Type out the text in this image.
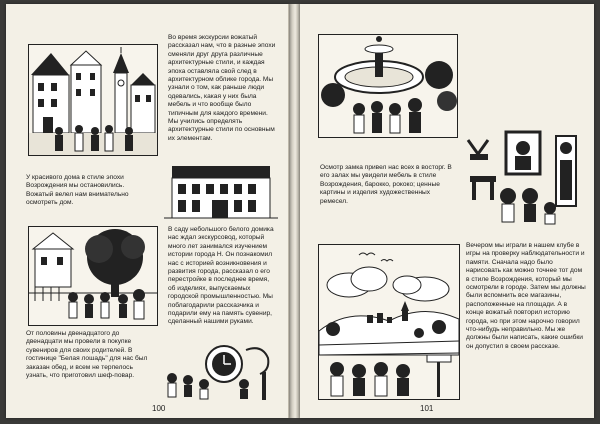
Во время экскурсии вожатый рассказал нам, что в разные эпохи сменяли друг друга различные архитектурные стили, и каждая эпоха оставляла свой след в архитектурном облике города. Мы узнали о том, как раньше люди одевались, какая у них была мебель и что вообще было типичным для каждого времени. Мы учились определять архитектурные стили по основным их элементам.

У красивого дома в стиле эпохи Возрождения мы остановились. Вожатый велел нам внимательно осмотреть дом.

В саду небольшого белого домика нас ждал экскурсовод, который много лет занимался изучением истории города Н. Он познакомил нас с историей возникновения и развития города, рассказал о его перестройке в последнее время, об изделиях, выпускаемых городской промышленностью. Мы поблагодарили рассказчика и подарили ему на память сувенир, сделанный нашими руками.

От половины двенадцатого до двенадцати мы провели в покупке сувениров для своих родителей. В гостинице "Белая лошадь" для нас был заказан обед, и всем не терпелось узнать, что приготовил шеф-повар.

100

Осмотр замка привел нас всех в восторг. В его залах мы увидели мебель в стиле Возрождения, барокко, рококо; ценные картины и изделия художественных ремесел.

Вечером мы играли в нашем клубе в игры на проверку наблюдательности и памяти. Сначала надо было нарисовать как можно точнее тот дом в стиле Возрождения, который мы осмотрели в городе. Затем мы должны были вспомнить все магазины, расположенные на площади. А в конце вожатый повторил историю города, но при этом нарочно говорил что-нибудь неправильно. Мы же должны были написать, какие ошибки он допустил в своем рассказе.

101
